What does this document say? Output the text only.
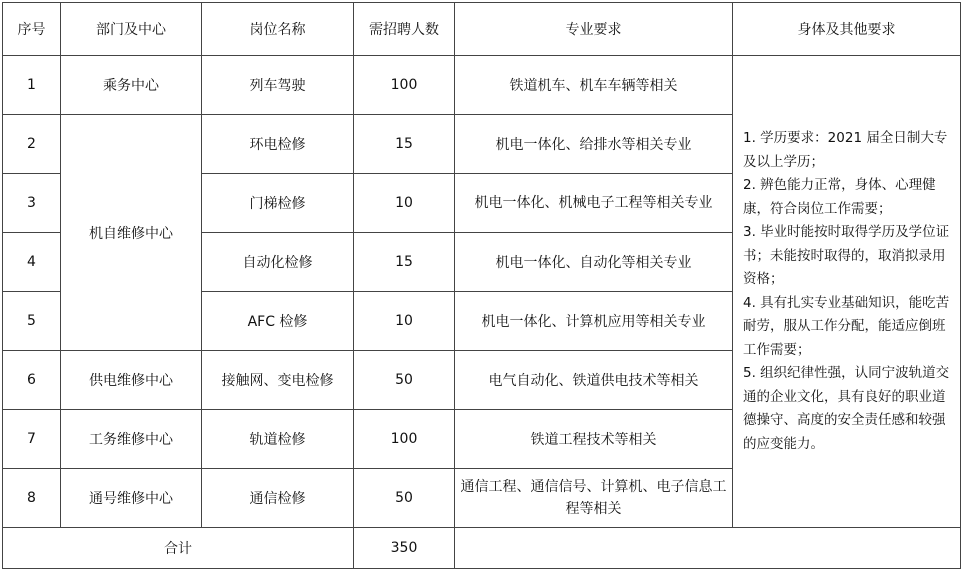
序号	部门及中心	岗位名称	需招聘人数	专业要求	身体及其他要求
1	乘务中心	列车驾驶	100	铁道机车、机车车辆等相关	1. 学历要求：2021 届全日制大专及以上学历；

2. 辨色能力正常，身体、心理健康，符合岗位工作需要；

3. 毕业时能按时取得学历及学位证书；未能按时取得的，取消拟录用资格；

4. 具有扎实专业基础知识，能吃苦耐劳，服从工作分配，能适应倒班工作需要；

5. 组织纪律性强，认同宁波轨道交通的企业文化，具有良好的职业道德操守、高度的安全责任感和较强的应变能力。

2	机自维修中心	环电检修	15	机电一体化、给排水等相关专业	
3		门梯检修	10	机电一体化、机械电子工程等相关专业	
4		自动化检修	15	机电一体化、自动化等相关专业	
5		AFC 检修	10	机电一体化、计算机应用等相关专业	
6	供电维修中心	接触网、变电检修	50	电气自动化、铁道供电技术等相关	
7	工务维修中心	轨道检修	100	铁道工程技术等相关	
8	通号维修中心	通信检修	50	通信工程、通信信号、计算机、电子信息工程等相关	
合计			350		
